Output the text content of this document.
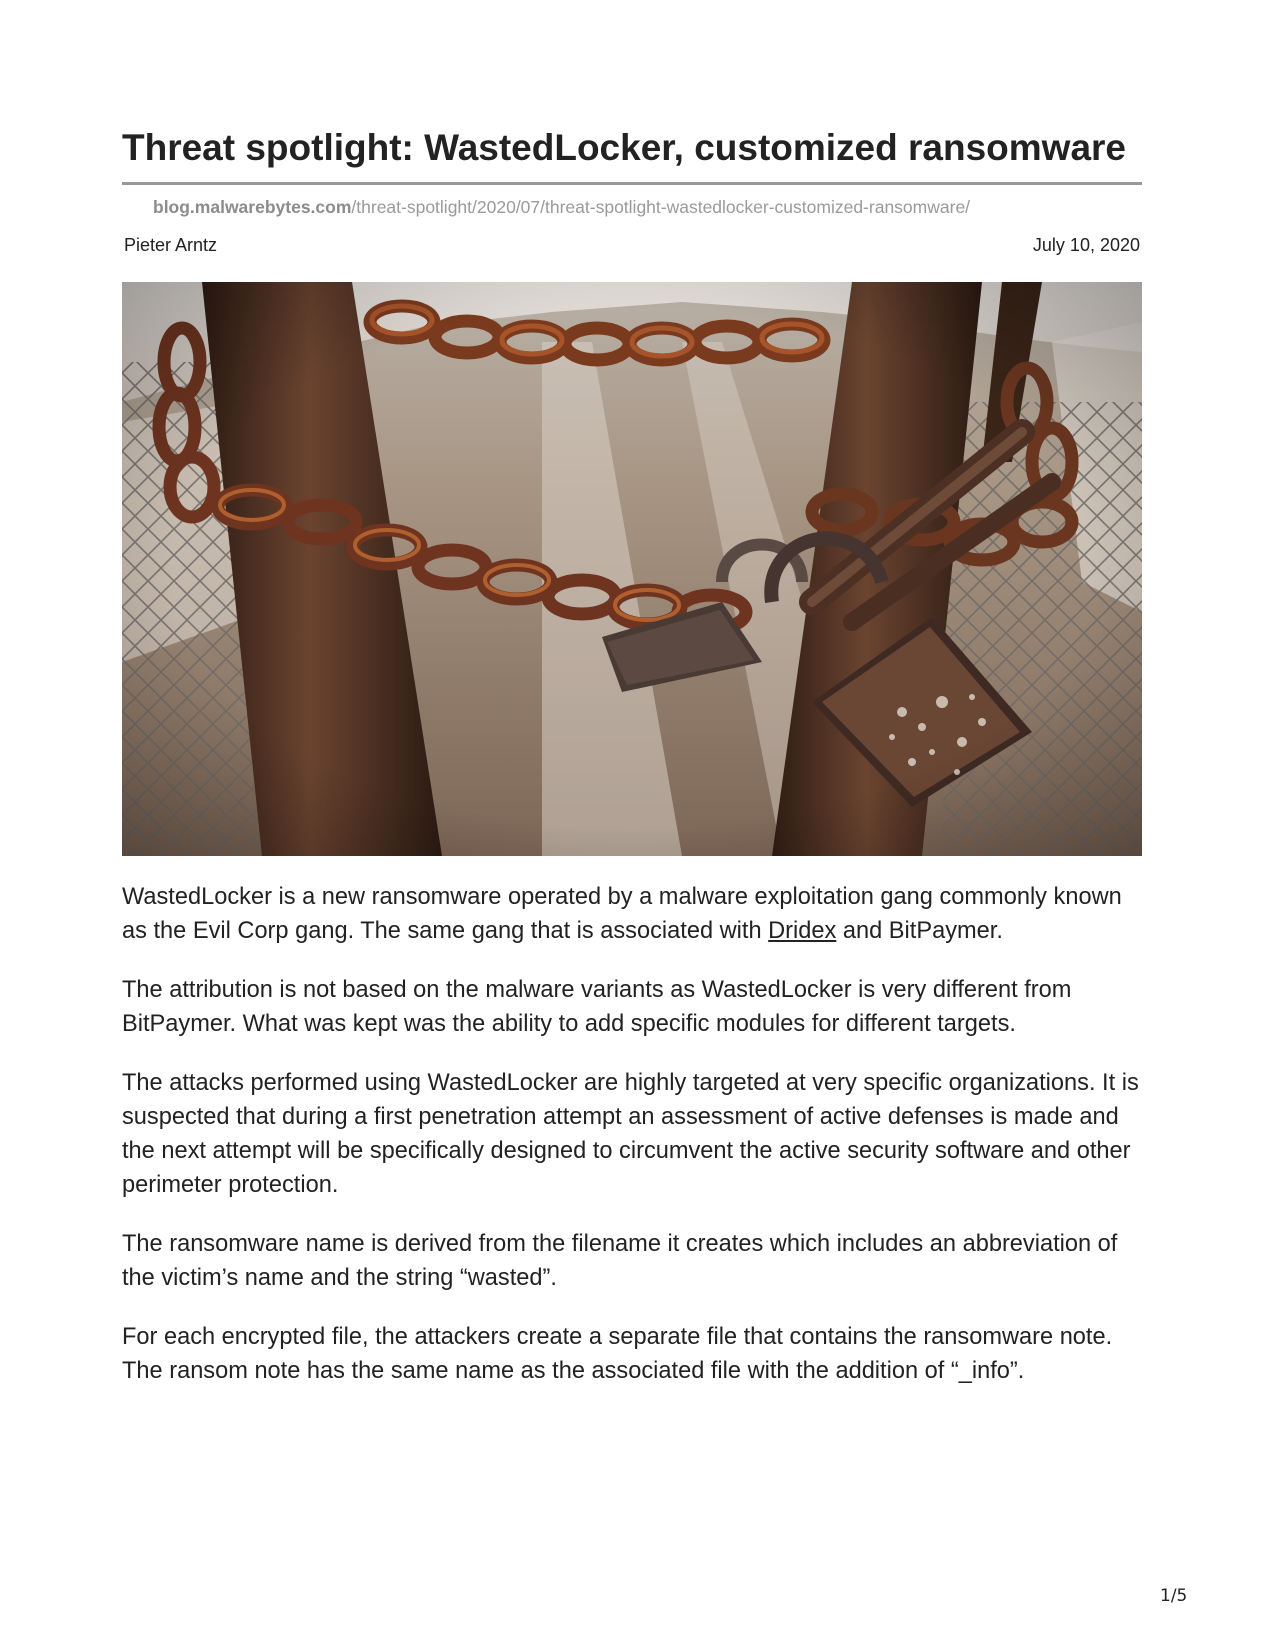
Threat spotlight: WastedLocker, customized ransomware
blog.malwarebytes.com/threat-spotlight/2020/07/threat-spotlight-wastedlocker-customized-ransomware/
Pieter Arntz	July 10, 2020

WastedLocker is a new ransomware operated by a malware exploitation gang commonly known as the Evil Corp gang. The same gang that is associated with Dridex and BitPaymer.

The attribution is not based on the malware variants as WastedLocker is very different from BitPaymer. What was kept was the ability to add specific modules for different targets.

The attacks performed using WastedLocker are highly targeted at very specific organizations. It is suspected that during a first penetration attempt an assessment of active defenses is made and the next attempt will be specifically designed to circumvent the active security software and other perimeter protection.

The ransomware name is derived from the filename it creates which includes an abbreviation of the victim’s name and the string “wasted”.

For each encrypted file, the attackers create a separate file that contains the ransomware note. The ransom note has the same name as the associated file with the addition of “_info”.

1/5
